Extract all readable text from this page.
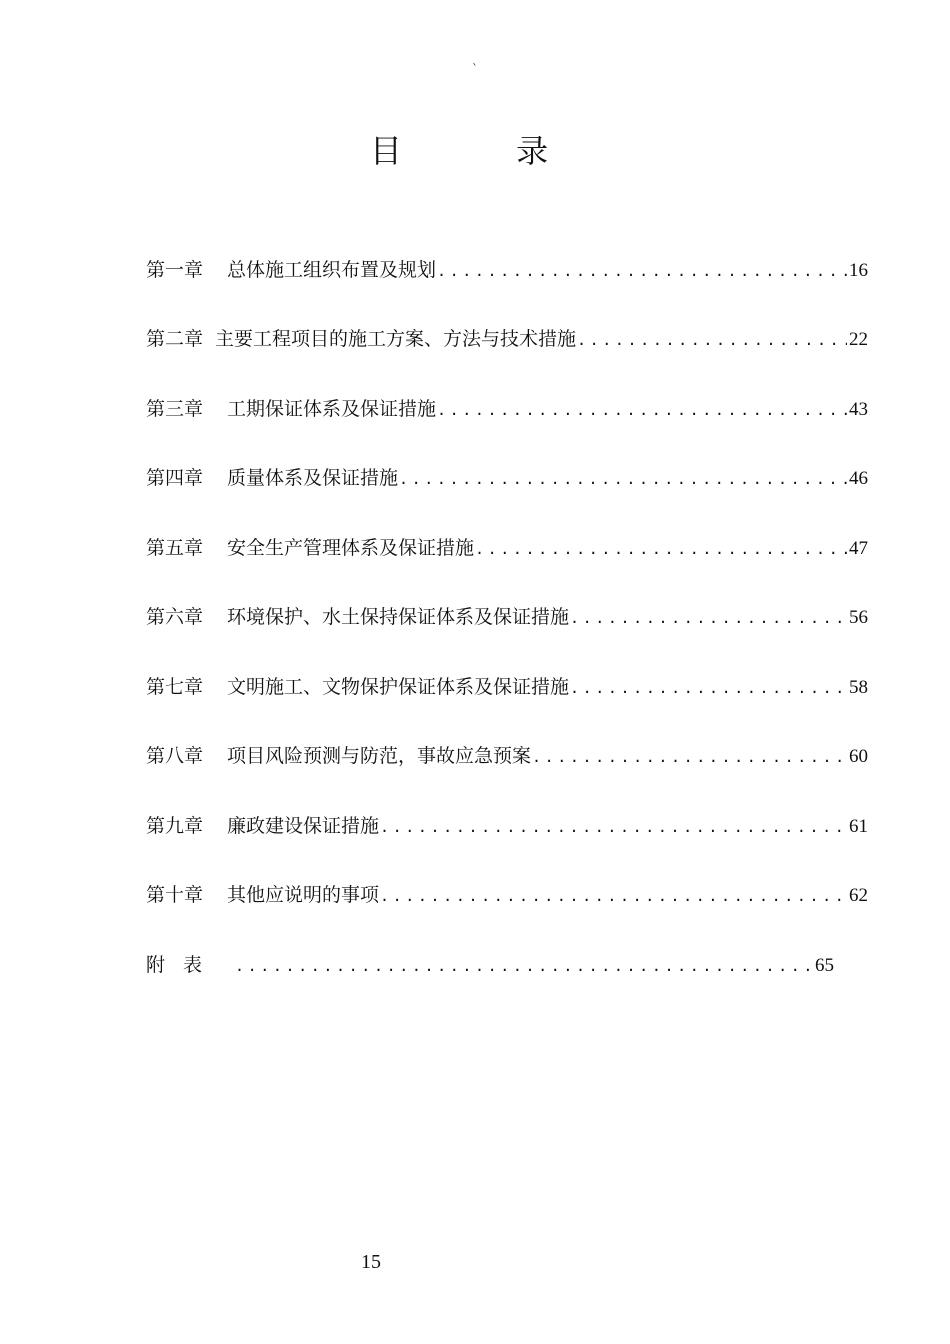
`
目 录
第一章 总体施工组织布置及规划 .....	16
第二章 主要工程项目的施工方案、方法与技术措施 .....	22
第三章 工期保证体系及保证措施 .....	43
第四章 质量体系及保证措施 .....	46
第五章 安全生产管理体系及保证措施 .....	47
第六章 环境保护、水土保持保证体系及保证措施 .....	56
第七章 文明施工、文物保护保证体系及保证措施 .....	58
第八章 项目风险预测与防范，事故应急预案 .....	60
第九章 廉政建设保证措施 .....	61
第十章 其他应说明的事项 .....	62
附 表 .....	65
15
